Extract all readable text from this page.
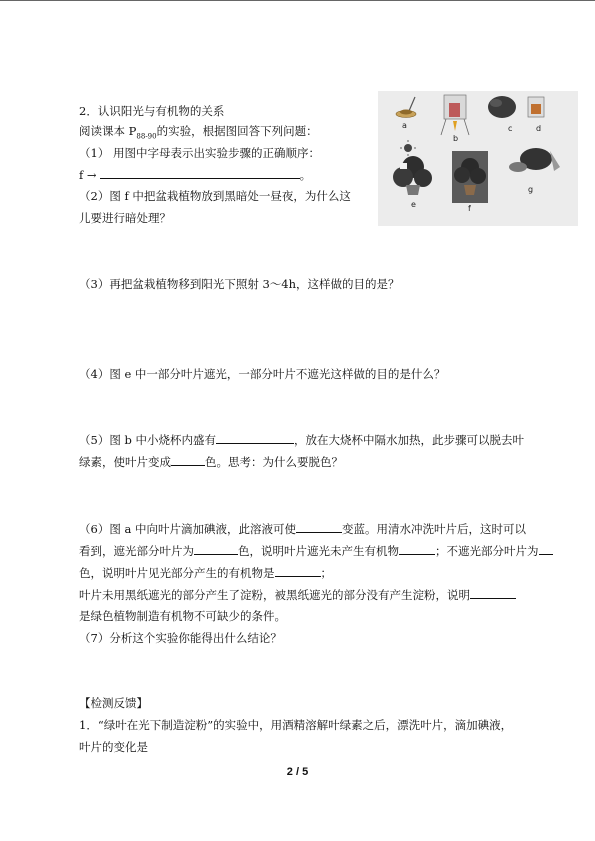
2．认识阳光与有机物的关系
阅读课本 $P_{88-90}$的实验，根据图回答下列问题：
（1） 用图中字母表示出实验步骤的正确顺序：
f →	。
（2）图 f 中把盆栽植物放到黑暗处一昼夜，为什么这
儿要进行暗处理？
（3）再把盆栽植物移到阳光下照射 3～4h，这样做的目的是？
（4）图 e 中一部分叶片遮光，一部分叶片不遮光这样做的目的是什么？
（5）图 b 中小烧杯内盛有	，放在大烧杯中隔水加热，此步骤可以脱去叶
绿素，使叶片变成	色。思考：为什么要脱色？
（6）图 a 中向叶片滴加碘液，此溶液可使	变蓝。用清水冲洗叶片后，这时可以
看到，遮光部分叶片为	色，说明叶片遮光未产生有机物	；不遮光部分叶片为
色，说明叶片见光部分产生的有机物是	；
叶片未用黑纸遮光的部分产生了淀粉，被黑纸遮光的部分没有产生淀粉，说明
是绿色植物制造有机物不可缺少的条件。
（7）分析这个实验你能得出什么结论？
【检测反馈】
1．“绿叶在光下制造淀粉”的实验中，用酒精溶解叶绿素之后，漂洗叶片，滴加碘液，
叶片的变化是
a
b
c	d
e	f
g
2 / 5
